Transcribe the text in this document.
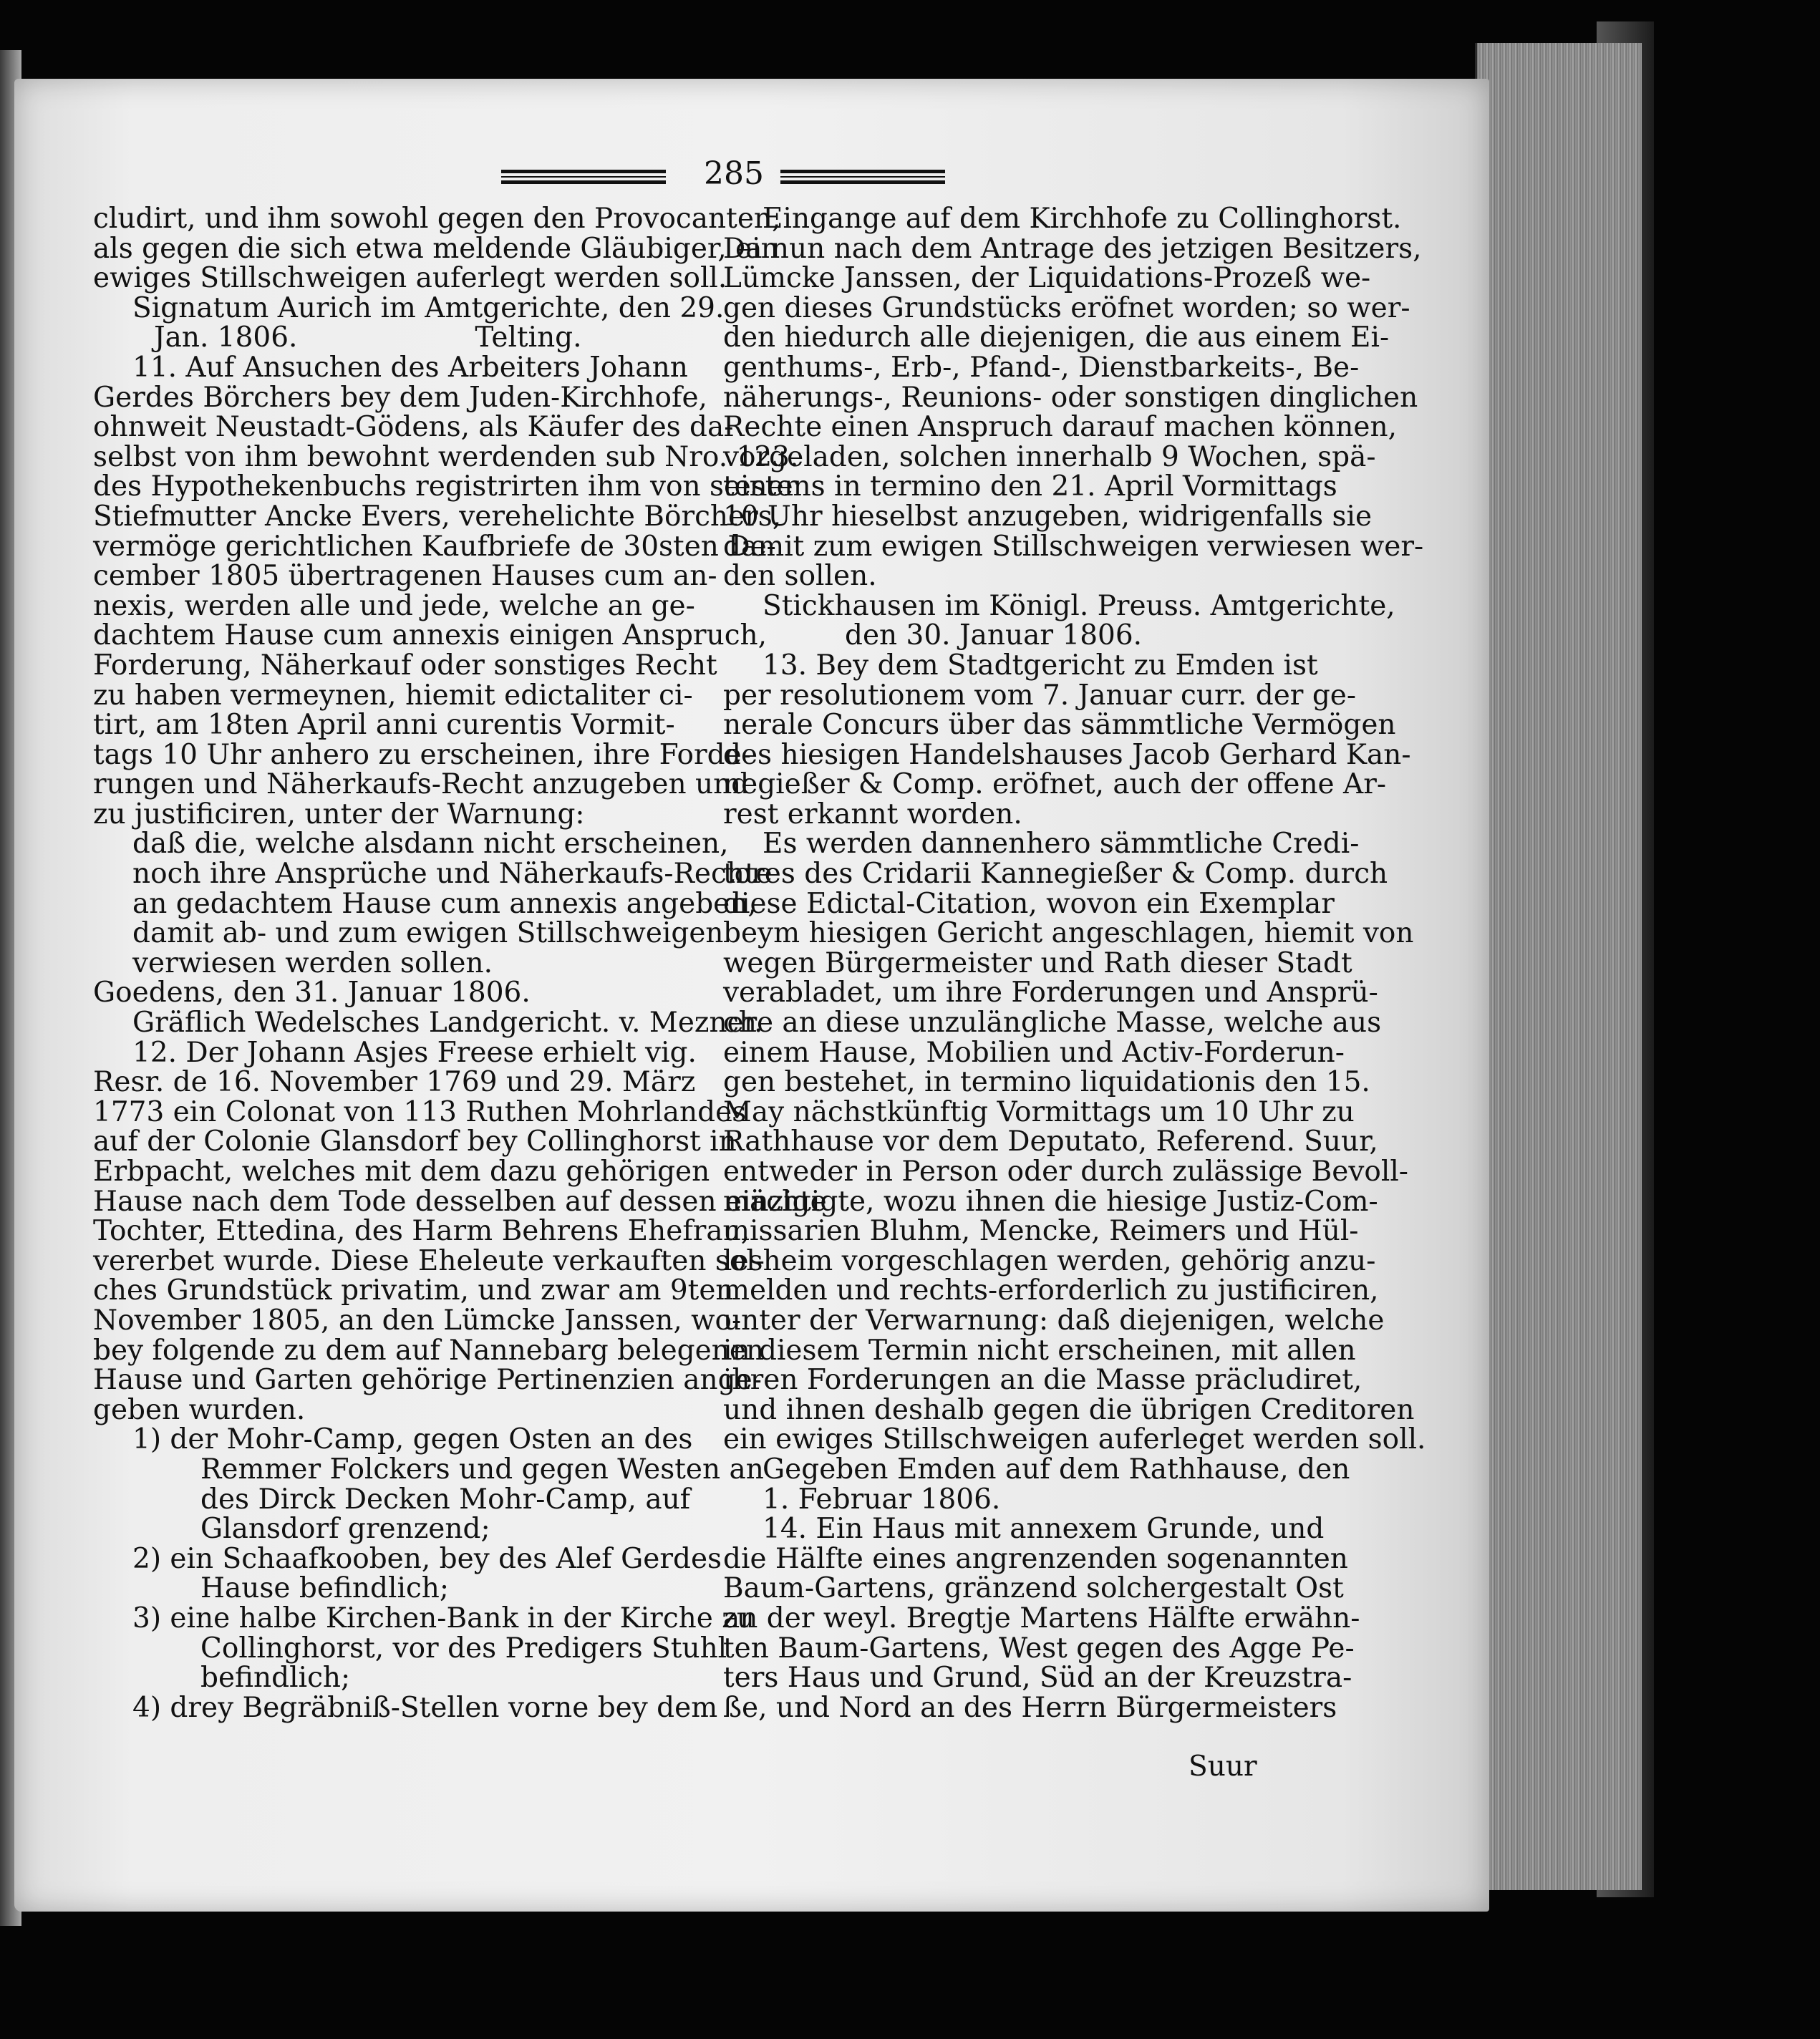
285
cludirt, und ihm sowohl gegen den Provocanten,
als gegen die sich etwa meldende Gläubiger, ein
ewiges Stillschweigen auferlegt werden soll.
Signatum Aurich im Amtgerichte, den 29.
Jan. 1806.                    Telting.
11. Auf Ansuchen des Arbeiters Johann
Gerdes Börchers bey dem Juden-Kirchhofe,
ohnweit Neustadt-Gödens, als Käufer des da-
selbst von ihm bewohnt werdenden sub Nro. 123.
des Hypothekenbuchs registrirten ihm von seiner
Stiefmutter Ancke Evers, verehelichte Börchers,
vermöge gerichtlichen Kaufbriefe de 30sten De-
cember 1805 übertragenen Hauses cum an-
nexis, werden alle und jede, welche an ge-
dachtem Hause cum annexis einigen Anspruch,
Forderung, Näherkauf oder sonstiges Recht
zu haben vermeynen, hiemit edictaliter ci-
tirt, am 18ten April anni curentis Vormit-
tags 10 Uhr anhero zu erscheinen, ihre Forde-
rungen und Näherkaufs-Recht anzugeben und
zu justificiren, unter der Warnung:
daß die, welche alsdann nicht erscheinen,
noch ihre Ansprüche und Näherkaufs-Rechte
an gedachtem Hause cum annexis angeben,
damit ab- und zum ewigen Stillschweigen
verwiesen werden sollen.
Goedens, den 31. Januar 1806.
Gräflich Wedelsches Landgericht. v. Mezner.
12. Der Johann Asjes Freese erhielt vig.
Resr. de 16. November 1769 und 29. März
1773 ein Colonat von 113 Ruthen Mohrlandes
auf der Colonie Glansdorf bey Collinghorst in
Erbpacht, welches mit dem dazu gehörigen
Hause nach dem Tode desselben auf dessen einzige
Tochter, Ettedina, des Harm Behrens Ehefrau,
vererbet wurde. Diese Eheleute verkauften sol-
ches Grundstück privatim, und zwar am 9ten
November 1805, an den Lümcke Janssen, wo-
bey folgende zu dem auf Nannebarg belegenen
Hause und Garten gehörige Pertinenzien ange-
geben wurden.
1) der Mohr-Camp, gegen Osten an des
Remmer Folckers und gegen Westen an
des Dirck Decken Mohr-Camp, auf
Glansdorf grenzend;
2) ein Schaafkooben, bey des Alef Gerdes
Hause befindlich;
3) eine halbe Kirchen-Bank in der Kirche zu
Collinghorst, vor des Predigers Stuhl
befindlich;
4) drey Begräbniß-Stellen vorne bey dem
Eingange auf dem Kirchhofe zu Collinghorst.
Da nun nach dem Antrage des jetzigen Besitzers,
Lümcke Janssen, der Liquidations-Prozeß we-
gen dieses Grundstücks eröfnet worden; so wer-
den hiedurch alle diejenigen, die aus einem Ei-
genthums-, Erb-, Pfand-, Dienstbarkeits-, Be-
näherungs-, Reunions- oder sonstigen dinglichen
Rechte einen Anspruch darauf machen können,
vorgeladen, solchen innerhalb 9 Wochen, spä-
testens in termino den 21. April Vormittags
10 Uhr hieselbst anzugeben, widrigenfalls sie
damit zum ewigen Stillschweigen verwiesen wer-
den sollen.
Stickhausen im Königl. Preuss. Amtgerichte,
den 30. Januar 1806.
13. Bey dem Stadtgericht zu Emden ist
per resolutionem vom 7. Januar curr. der ge-
nerale Concurs über das sämmtliche Vermögen
des hiesigen Handelshauses Jacob Gerhard Kan-
negießer & Comp. eröfnet, auch der offene Ar-
rest erkannt worden.
Es werden dannenhero sämmtliche Credi-
tores des Cridarii Kannegießer & Comp. durch
diese Edictal-Citation, wovon ein Exemplar
beym hiesigen Gericht angeschlagen, hiemit von
wegen Bürgermeister und Rath dieser Stadt
verabladet, um ihre Forderungen und Ansprü-
che an diese unzulängliche Masse, welche aus
einem Hause, Mobilien und Activ-Forderun-
gen bestehet, in termino liquidationis den 15.
May nächstkünftig Vormittags um 10 Uhr zu
Rathhause vor dem Deputato, Referend. Suur,
entweder in Person oder durch zulässige Bevoll-
mächtigte, wozu ihnen die hiesige Justiz-Com-
missarien Bluhm, Mencke, Reimers und Hül-
lesheim vorgeschlagen werden, gehörig anzu-
melden und rechts-erforderlich zu justificiren,
unter der Verwarnung: daß diejenigen, welche
in diesem Termin nicht erscheinen, mit allen
ihren Forderungen an die Masse präcludiret,
und ihnen deshalb gegen die übrigen Creditoren
ein ewiges Stillschweigen auferleget werden soll.
Gegeben Emden auf dem Rathhause, den
1. Februar 1806.
14. Ein Haus mit annexem Grunde, und
die Hälfte eines angrenzenden sogenannten
Baum-Gartens, gränzend solchergestalt Ost
an der weyl. Bregtje Martens Hälfte erwähn-
ten Baum-Gartens, West gegen des Agge Pe-
ters Haus und Grund, Süd an der Kreuzstra-
ße, und Nord an des Herrn Bürgermeisters
Suur
